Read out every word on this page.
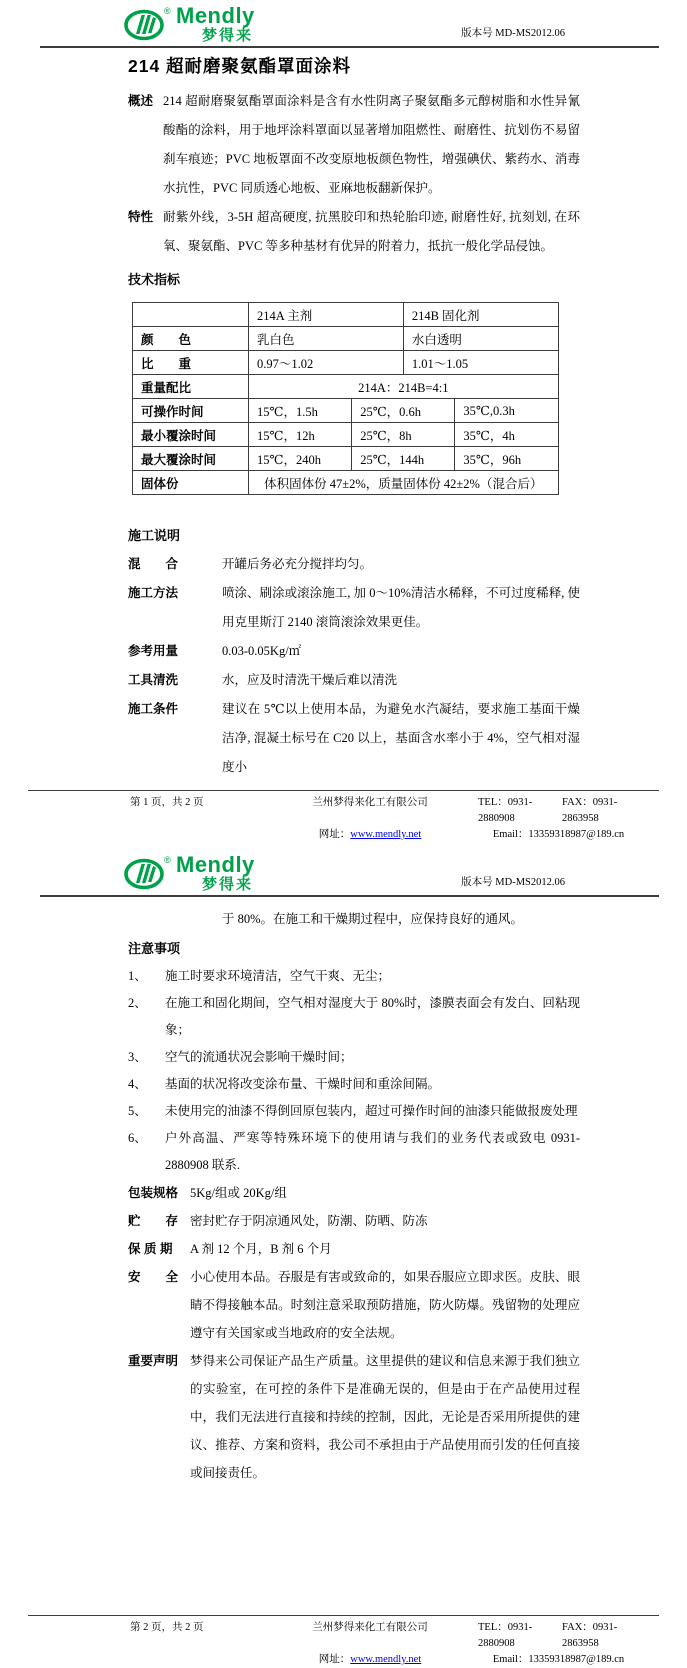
® Mendly
梦得来	版本号 MD-MS2012.06
214 超耐磨聚氨酯罩面涂料
概述 214 超耐磨聚氨酯罩面涂料是含有水性阴离子聚氨酯多元醇树脂和水性异氰酸酯的涂料，用于地坪涂料罩面以显著增加阻燃性、耐磨性、抗划伤不易留刹车痕迹；PVC 地板罩面不改变原地板颜色物性，增强碘伏、紫药水、消毒水抗性，PVC 同质透心地板、亚麻地板翻新保护。
特性 耐紫外线，3-5H 超高硬度, 抗黑胶印和热轮胎印迹, 耐磨性好, 抗刻划, 在环氧、聚氨酯、PVC 等多种基材有优异的附着力，抵抗一般化学品侵蚀。
技术指标
	214A 主剂		214B 固化剂	
颜　　色	乳白色		水白透明	
比　　重	0.97～1.02		1.01～1.05	
重量配比	214A：214B=4:1			
可操作时间	15℃，1.5h	25℃，0.6h		35℃,0.3h
最小覆涂时间	15℃，12h	25℃，8h		35℃，4h
最大覆涂时间	15℃，240h	25℃，144h		35℃，96h
固体份	体积固体份 47±2%，质量固体份 42±2%（混合后）			
施工说明
混　　合	开罐后务必充分搅拌均匀。
施工方法	喷涂、刷涂或滚涂施工, 加 0～10%清洁水稀释，不可过度稀释, 使用克里斯汀 2140 滚筒滚涂效果更佳。
参考用量	0.03-0.05Kg/㎡
工具清洗	水，应及时清洗干燥后难以清洗
施工条件	建议在 5℃以上使用本品，为避免水汽凝结，要求施工基面干燥洁净, 混凝土标号在 C20 以上，基面含水率小于 4%，空气相对湿度小
第 1 页，共 2 页	兰州梦得来化工有限公司	TEL：0931-2880908
FAX：0931-2863958
网址：www.mendly.net	Email：13359318987@189.cn
® Mendly
梦得来	版本号 MD-MS2012.06
于 80%。在施工和干燥期过程中，应保持良好的通风。
注意事项
1、	施工时要求环境清洁，空气干爽、无尘；
2、	在施工和固化期间，空气相对湿度大于 80%时，漆膜表面会有发白、回粘现象；
3、	空气的流通状况会影响干燥时间；
4、	基面的状况将改变涂布量、干燥时间和重涂间隔。
5、	未使用完的油漆不得倒回原包装内，超过可操作时间的油漆只能做报废处理
6、	户外高温、严寒等特殊环境下的使用请与我们的业务代表或致电 0931-2880908 联系.
包装规格 5Kg/组或 20Kg/组
贮　　存 密封贮存于阴凉通风处，防潮、防晒、防冻
保 质 期	A 剂 12 个月，B 剂 6 个月
安　　全 小心使用本品。吞服是有害或致命的，如果吞服应立即求医。皮肤、眼睛不得接触本品。时刻注意采取预防措施，防火防爆。残留物的处理应遵守有关国家或当地政府的安全法规。
重要声明 梦得来公司保证产品生产质量。这里提供的建议和信息来源于我们独立的实验室，在可控的条件下是准确无误的，但是由于在产品使用过程中，我们无法进行直接和持续的控制，因此，无论是否采用所提供的建议、推荐、方案和资料，我公司不承担由于产品使用而引发的任何直接或间接责任。
第 2 页，共 2 页	兰州梦得来化工有限公司	TEL：0931-2880908
FAX：0931-2863958
网址：www.mendly.net	Email：13359318987@189.cn
